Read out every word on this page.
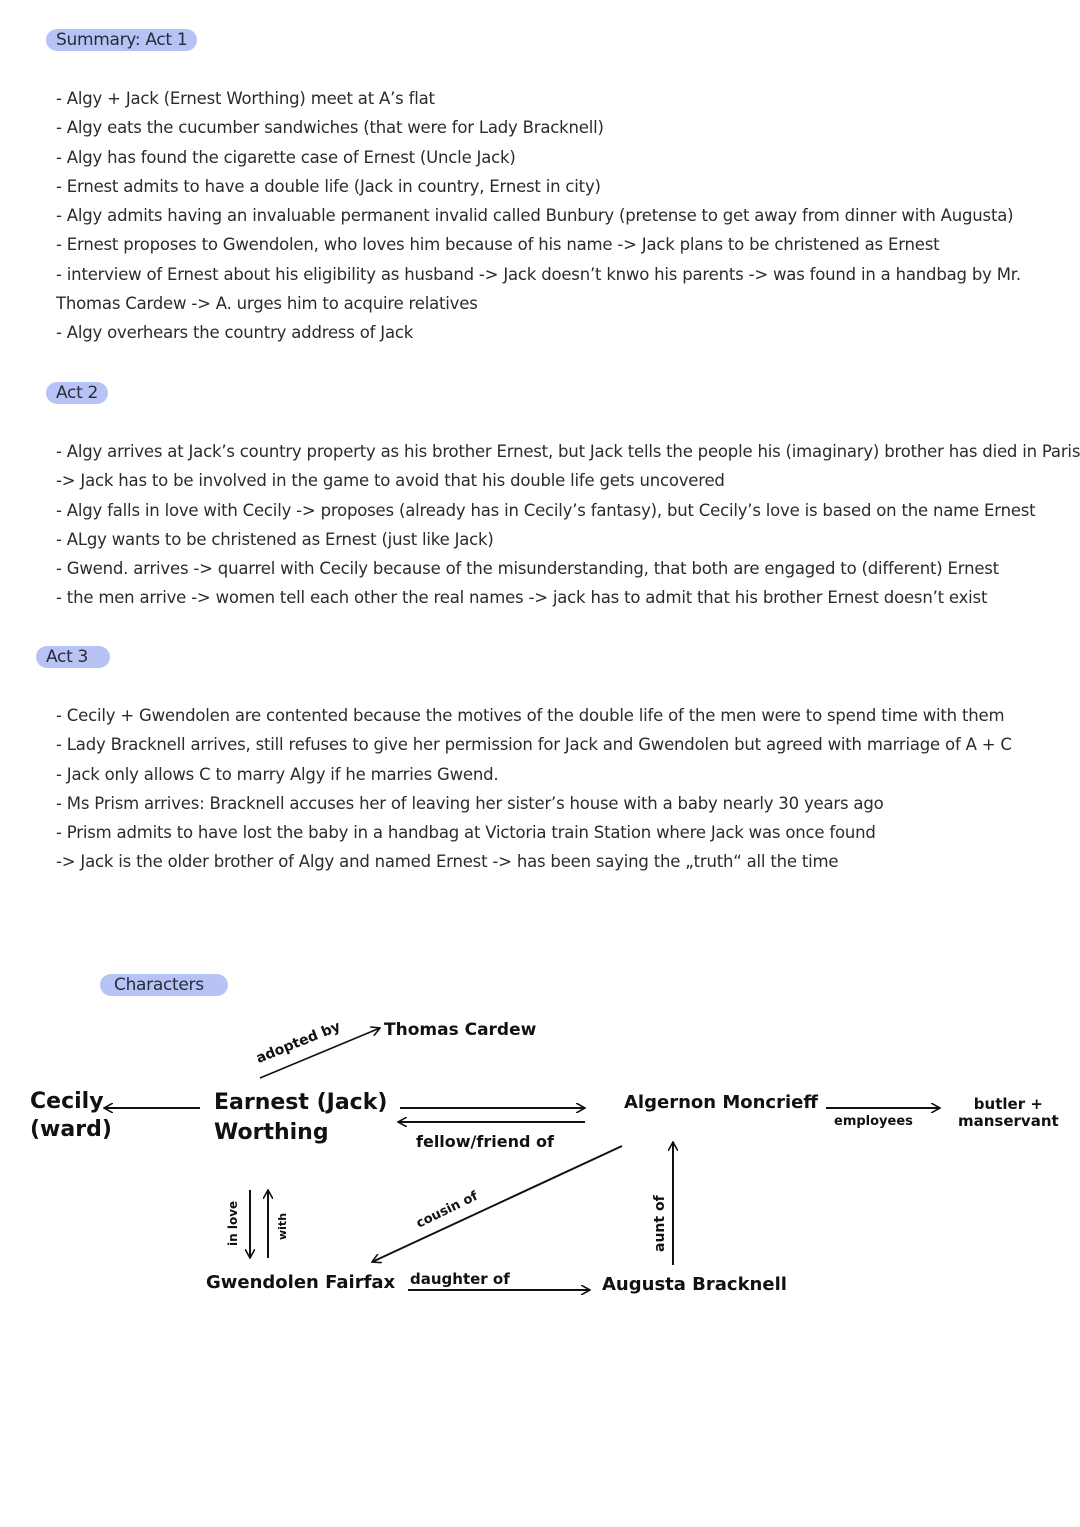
Summary: Act 1
Act 2
Act 3
Characters
- Algy + Jack (Ernest Worthing) meet at A’s flat
- Algy eats the cucumber sandwiches (that were for Lady Bracknell)
- Algy has found the cigarette case of Ernest (Uncle Jack)
- Ernest admits to have a double life (Jack in country, Ernest in city)
- Algy admits having an invaluable permanent invalid called Bunbury (pretense to get away from dinner with Augusta)
- Ernest proposes to Gwendolen, who loves him because of his name -> Jack plans to be christened as Ernest
- interview of Ernest about his eligibility as husband -> Jack doesn’t knwo his parents -> was found in a handbag by Mr. Thomas Cardew -> A. urges him to acquire relatives
- Algy overhears the country address of Jack
- Algy arrives at Jack’s country property as his brother Ernest, but Jack tells the people his (imaginary) brother has died in Paris
-> Jack has to be involved in the game to avoid that his double life gets uncovered
- Algy falls in love with Cecily -> proposes (already has in Cecily’s fantasy), but Cecily’s love is based on the name Ernest
- ALgy wants to be christened as Ernest (just like Jack)
- Gwend. arrives -> quarrel with Cecily because of the misunderstanding, that both are engaged to (different) Ernest
- the men arrive -> women tell each other the real names -> jack has to admit that his brother Ernest doesn’t exist
- Cecily + Gwendolen are contented because the motives of the double life of the men were to spend time with them
- Lady Bracknell arrives, still refuses to give her permission for Jack and Gwendolen but agreed with marriage of A + C
- Jack only allows C to marry Algy if he marries Gwend.
- Ms Prism arrives: Bracknell accuses her of leaving her sister’s house with a baby nearly 30 years ago
- Prism admits to have lost the baby in a handbag at Victoria train Station where Jack was once found
-> Jack is the older brother of Algy and named Ernest -> has been saying the „truth“ all the time
Cecily
(ward)
Earnest (Jack)
Worthing
Thomas Cardew
Algernon Moncrieff	butler +
manservant
Gwendolen Fairfax	Augusta Bracknell
adopted by
fellow/friend of
employees
cousin of
daughter of
aunt of
in love	with
